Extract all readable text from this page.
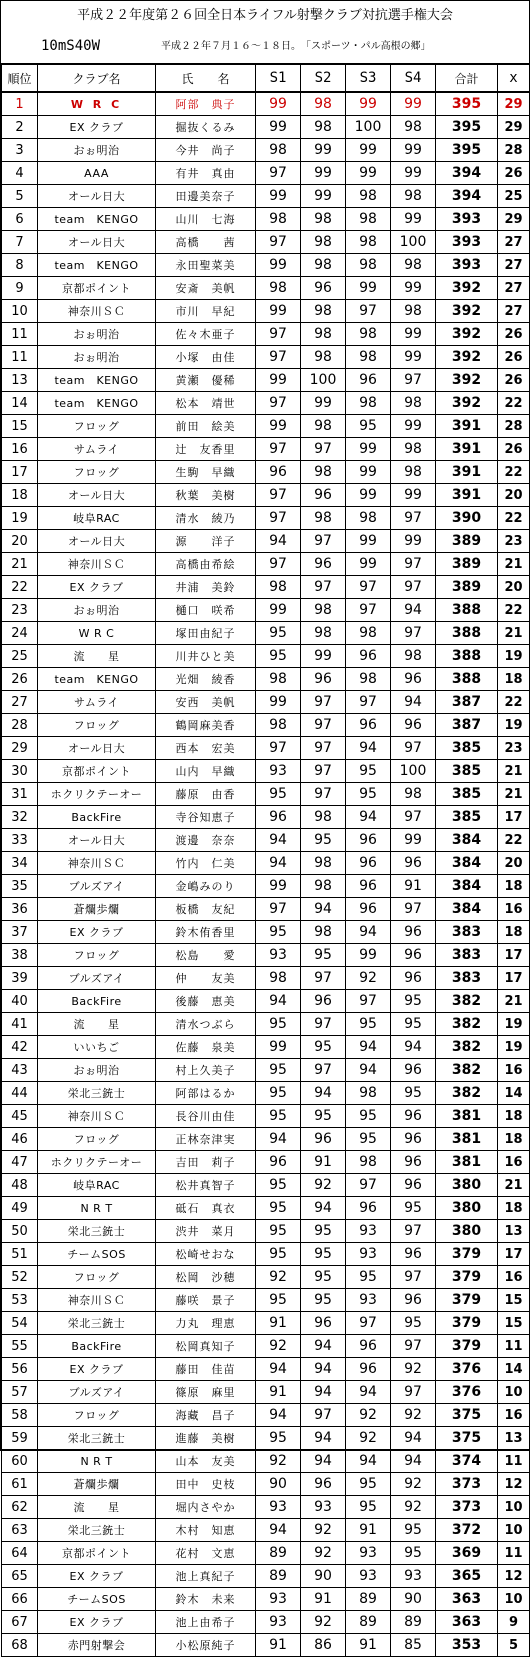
平成２２年度第２６回全日本ライフル射撃クラブ対抗選手権大会
10mS40W	平成２２年７月１６〜１８日。　「スポーツ・パル高根の郷」
順位	クラブ名	氏　　名	S1	S2	S3	S4	合計	x
1	W R C	阿部　典子	99	98	99	99	395	29
2	EX クラブ	掘抜くるみ	99	98	100	98	395	29
3	おぉ明治	今井　尚子	98	99	99	99	395	28
4	AAA	有井　真由	97	99	99	99	394	26
5	オール日大	田邊美奈子	99	99	98	98	394	25
6	team　KENGO	山川　七海	98	98	98	99	393	29
7	オール日大	高橋　　茜	97	98	98	100	393	27
8	team　KENGO	永田聖菜美	99	98	98	98	393	27
9	京都ポイント	安斎　美帆	98	96	99	99	392	27
10	神奈川ＳＣ	市川　早紀	99	98	97	98	392	27
11	おぉ明治	佐々木亜子	97	98	98	99	392	26
11	おぉ明治	小塚　由佳	97	98	98	99	392	26
13	team　KENGO	黄瀬　優稀	99	100	96	97	392	26
14	team　KENGO	松本　靖世	97	99	98	98	392	22
15	フロッグ	前田　絵美	99	98	95	99	391	28
16	サムライ	辻　友香里	97	97	99	98	391	26
17	フロッグ	生駒　早織	96	98	99	98	391	22
18	オール日大	秋葉　美樹	97	96	99	99	391	20
19	岐阜RAC	清水　綾乃	97	98	98	97	390	22
20	オール日大	源　　洋子	94	97	99	99	389	23
21	神奈川ＳＣ	高橋由希絵	97	96	99	97	389	21
22	EX クラブ	井浦　美鈴	98	97	97	97	389	20
23	おぉ明治	樋口　咲希	99	98	97	94	388	22
24	W R C	塚田由紀子	95	98	98	97	388	21
25	流　　星	川井ひと美	95	99	96	98	388	19
26	team　KENGO	光畑　綾香	98	96	98	96	388	18
27	サムライ	安西　美帆	99	97	97	94	387	22
28	フロッグ	鶴岡麻美香	98	97	96	96	387	19
29	オール日大	西本　宏美	97	97	94	97	385	23
30	京都ポイント	山内　早織	93	97	95	100	385	21
31	ホクリクテーオー	藤原　由香	95	97	95	98	385	21
32	BackFire	寺谷知恵子	96	98	94	97	385	17
33	オール日大	渡邊　奈奈	94	95	96	99	384	22
34	神奈川ＳＣ	竹内　仁美	94	98	96	96	384	20
35	ブルズアイ	金嶋みのり	99	98	96	91	384	18
36	蒼爛歩爛	板橋　友紀	97	94	96	97	384	16
37	EX クラブ	鈴木侑香里	95	98	94	96	383	18
38	フロッグ	松島　　愛	93	95	99	96	383	17
39	ブルズアイ	仲　　友美	98	97	92	96	383	17
40	BackFire	後藤　恵美	94	96	97	95	382	21
41	流　　星	清水つぶら	95	97	95	95	382	19
42	いいちご	佐藤　泉美	99	95	94	94	382	19
43	おぉ明治	村上久美子	95	97	94	96	382	16
44	栄北三銃士	阿部はるか	95	94	98	95	382	14
45	神奈川ＳＣ	長谷川由佳	95	95	95	96	381	18
46	フロッグ	正林奈津実	94	96	95	96	381	18
47	ホクリクテーオー	吉田　莉子	96	91	98	96	381	16
48	岐阜RAC	松井真智子	95	92	97	96	380	21
49	N R T	砥石　真衣	95	94	96	95	380	18
50	栄北三銃士	渋井　菜月	95	95	93	97	380	13
51	チームSOS	松崎せおな	95	95	93	96	379	17
52	フロッグ	松岡　沙穂	92	95	95	97	379	16
53	神奈川ＳＣ	藤咲　景子	95	95	93	96	379	15
54	栄北三銃士	力丸　理恵	91	96	97	95	379	15
55	BackFire	松岡真知子	92	94	96	97	379	11
56	EX クラブ	藤田　佳苗	94	94	96	92	376	14
57	ブルズアイ	篠原　麻里	91	94	94	97	376	10
58	フロッグ	海藏　昌子	94	97	92	92	375	16
59	栄北三銃士	進藤　美樹	95	94	92	94	375	13
60	N R T	山本　友美	92	94	94	94	374	11
61	蒼爛歩爛	田中　史枝	90	96	95	92	373	12
62	流　　星	堀内さやか	93	93	95	92	373	10
63	栄北三銃士	木村　知恵	94	92	91	95	372	10
64	京都ポイント	花村　文恵	89	92	93	95	369	11
65	EX クラブ	池上真紀子	89	90	93	93	365	12
66	チームSOS	鈴木　未来	93	91	89	90	363	10
67	EX クラブ	池上由希子	93	92	89	89	363	9
68	赤門射撃会	小松原純子	91	86	91	85	353	5
